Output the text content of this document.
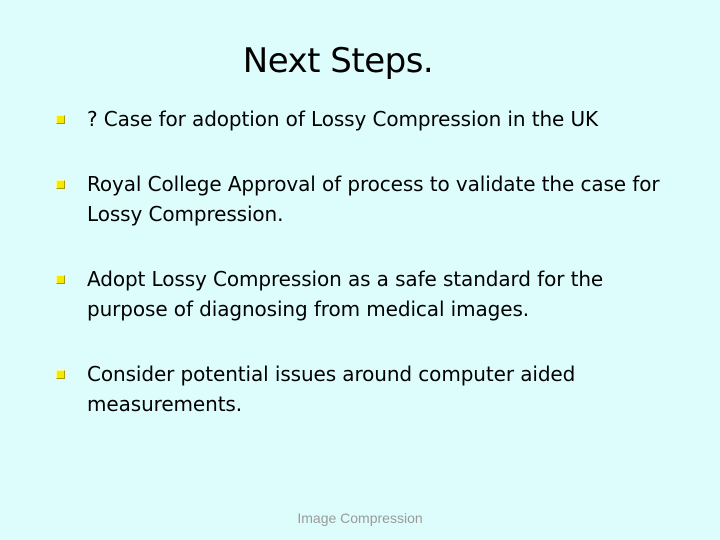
Next Steps.
? Case for adoption of Lossy Compression in the UK
Royal College Approval of process to validate the case for Lossy Compression.
Adopt Lossy Compression as a safe standard for the purpose of diagnosing from medical images.
Consider potential issues around computer aided measurements.
Image Compression
